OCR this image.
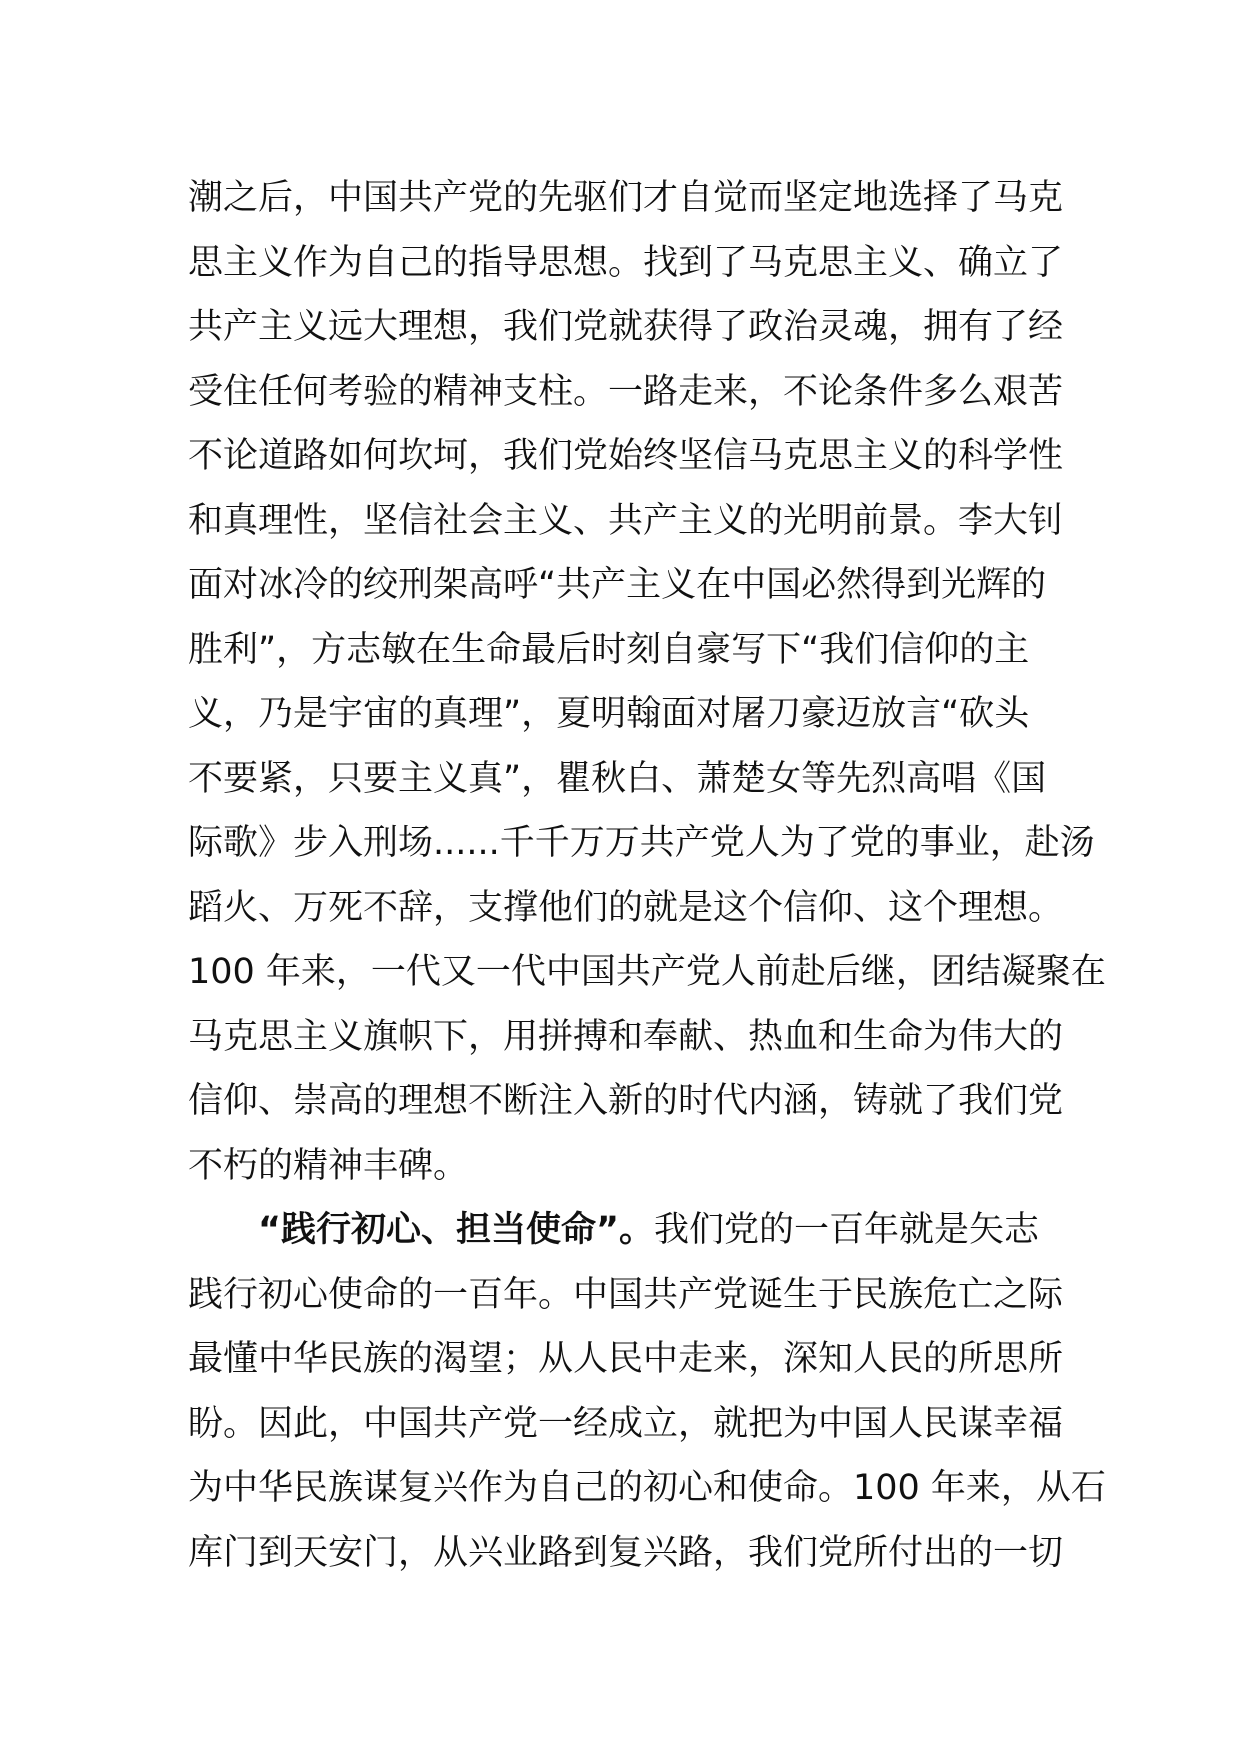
潮之后，中国共产党的先驱们才自觉而坚定地选择了马克
思主义作为自己的指导思想。找到了马克思主义、确立了
共产主义远大理想，我们党就获得了政治灵魂，拥有了经
受住任何考验的精神支柱。一路走来，不论条件多么艰苦
不论道路如何坎坷，我们党始终坚信马克思主义的科学性
和真理性，坚信社会主义、共产主义的光明前景。李大钊
面对冰冷的绞刑架高呼“共产主义在中国必然得到光辉的
胜利”，方志敏在生命最后时刻自豪写下“我们信仰的主
义，乃是宇宙的真理”，夏明翰面对屠刀豪迈放言“砍头
不要紧，只要主义真”，瞿秋白、萧楚女等先烈高唱《国
际歌》步入刑场......千千万万共产党人为了党的事业，赴汤
蹈火、万死不辞，支撑他们的就是这个信仰、这个理想。
100 年来，一代又一代中国共产党人前赴后继，团结凝聚在
马克思主义旗帜下，用拼搏和奉献、热血和生命为伟大的
信仰、崇高的理想不断注入新的时代内涵，铸就了我们党
不朽的精神丰碑。
“践行初心、担当使命”。我们党的一百年就是矢志
践行初心使命的一百年。中国共产党诞生于民族危亡之际
最懂中华民族的渴望；从人民中走来，深知人民的所思所
盼。因此，中国共产党一经成立，就把为中国人民谋幸福
为中华民族谋复兴作为自己的初心和使命。100 年来，从石
库门到天安门，从兴业路到复兴路，我们党所付出的一切
